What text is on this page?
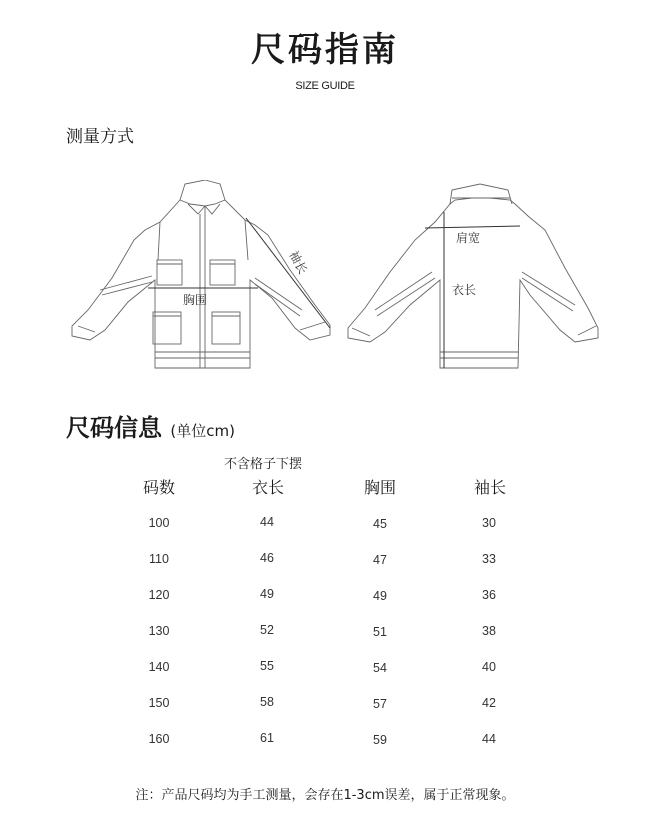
尺码指南
SIZE GUIDE
测量方式
胸围
袖长
肩宽
衣长
尺码信息 (单位cm)
不含格子下摆
码数	衣长	胸围	袖长
100	44	45	30
110	46	47	33
120	49	49	36
130	52	51	38
140	55	54	40
150	58	57	42
160	61	59	44
注：产品尺码均为手工测量，会存在1-3cm误差，属于正常现象。
